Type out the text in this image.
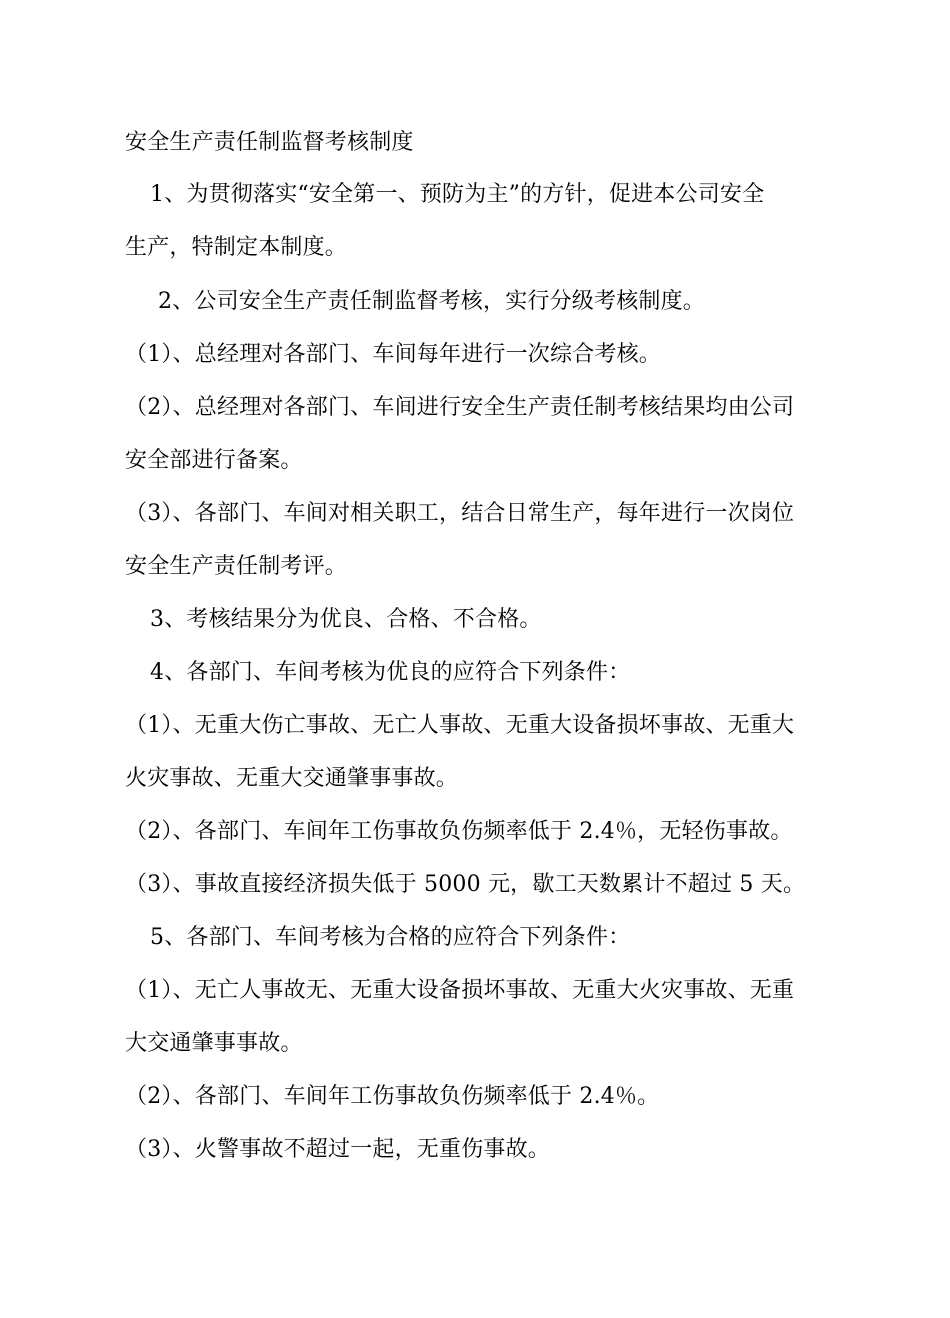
安全生产责任制监督考核制度
1、为贯彻落实“安全第一、预防为主”的方针，促进本公司安全
生产，特制定本制度。
2、公司安全生产责任制监督考核，实行分级考核制度。
（1）、总经理对各部门、车间每年进行一次综合考核。
（2）、总经理对各部门、车间进行安全生产责任制考核结果均由公司
安全部进行备案。
（3）、各部门、车间对相关职工，结合日常生产，每年进行一次岗位
安全生产责任制考评。
3、考核结果分为优良、合格、不合格。
4、各部门、车间考核为优良的应符合下列条件：
（1）、无重大伤亡事故、无亡人事故、无重大设备损坏事故、无重大
火灾事故、无重大交通肇事事故。
（2）、各部门、车间年工伤事故负伤频率低于 2.4％，无轻伤事故。
（3）、事故直接经济损失低于 5000 元，歇工天数累计不超过 5 天。
5、各部门、车间考核为合格的应符合下列条件：
（1）、无亡人事故无、无重大设备损坏事故、无重大火灾事故、无重
大交通肇事事故。
（2）、各部门、车间年工伤事故负伤频率低于 2.4％。
（3）、火警事故不超过一起，无重伤事故。
